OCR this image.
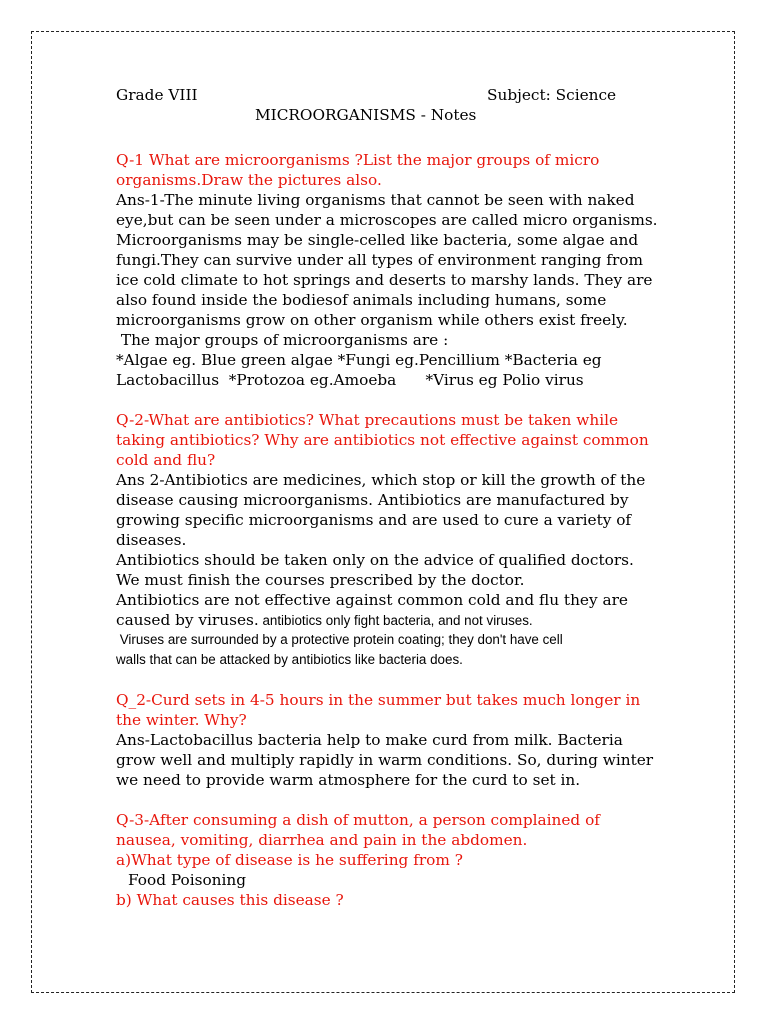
Grade VIII	Subject: Science
MICROORGANISMS - Notes
Q-1 What are microorganisms ?List the major groups of micro
organisms.Draw the pictures also.
Ans-1-The minute living organisms that cannot be seen with naked
eye,but can be seen under a microscopes are called micro organisms.
Microorganisms may be single-celled like bacteria, some algae and
fungi.They can survive under all types of environment ranging from
ice cold climate to hot springs and deserts to marshy lands. They are
also found inside the bodiesof animals including humans, some
microorganisms grow on other organism while others exist freely.
The major groups of microorganisms are :
*Algae eg. Blue green algae *Fungi eg.Pencillium *Bacteria eg
Lactobacillus  *Protozoa eg.Amoeba      *Virus eg Polio virus
Q-2-What are antibiotics? What precautions must be taken while
taking antibiotics? Why are antibiotics not effective against common
cold and flu?
Ans 2-Antibiotics are medicines, which stop or kill the growth of the
disease causing microorganisms. Antibiotics are manufactured by
growing specific microorganisms and are used to cure a variety of
diseases.
Antibiotics should be taken only on the advice of qualified doctors.
We must finish the courses prescribed by the doctor.
Antibiotics are not effective against common cold and flu they are
caused by viruses. antibiotics only fight bacteria, and not viruses.
Viruses are surrounded by a protective protein coating; they don't have cell
walls that can be attacked by antibiotics like bacteria does.
Q_2-Curd sets in 4-5 hours in the summer but takes much longer in
the winter. Why?
Ans-Lactobacillus bacteria help to make curd from milk. Bacteria
grow well and multiply rapidly in warm conditions. So, during winter
we need to provide warm atmosphere for the curd to set in.
Q-3-After consuming a dish of mutton, a person complained of
nausea, vomiting, diarrhea and pain in the abdomen.
a)What type of disease is he suffering from ?
Food Poisoning
b) What causes this disease ?
